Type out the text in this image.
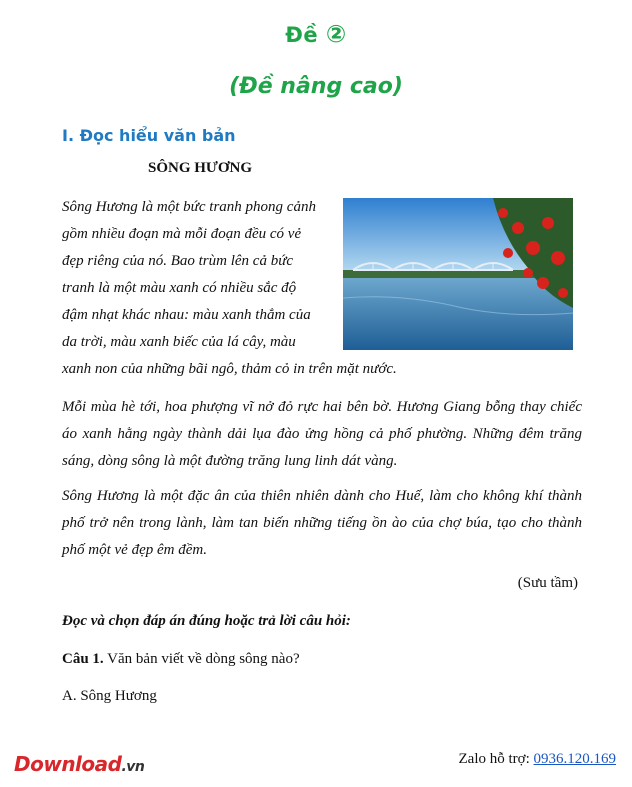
Đề ②
(Đề nâng cao)
I. Đọc hiểu văn bản
SÔNG HƯƠNG
Sông Hương là một bức tranh phong cảnh
gồm nhiều đoạn mà mỗi đoạn đều có vẻ
đẹp riêng của nó. Bao trùm lên cả bức
tranh là một màu xanh có nhiều sắc độ
đậm nhạt khác nhau: màu xanh thẳm của
da trời, màu xanh biếc của lá cây, màu

xanh non của những bãi ngô, thảm cỏ in trên mặt nước.

Mỗi mùa hè tới, hoa phượng vĩ nở đỏ rực hai bên bờ. Hương Giang bỗng thay chiếc áo xanh hằng ngày thành dải lụa đào ửng hồng cả phố phường. Những đêm trăng sáng, dòng sông là một đường trăng lung linh dát vàng.

Sông Hương là một đặc ân của thiên nhiên dành cho Huế, làm cho không khí thành phố trở nên trong lành, làm tan biến những tiếng ồn ào của chợ búa, tạo cho thành phố một vẻ đẹp êm đềm.

(Sưu tầm)
Đọc và chọn đáp án đúng hoặc trả lời câu hỏi:
Câu 1. Văn bản viết về dòng sông nào?
A. Sông Hương
Download.vn	Zalo hỗ trợ: 0936.120.169
